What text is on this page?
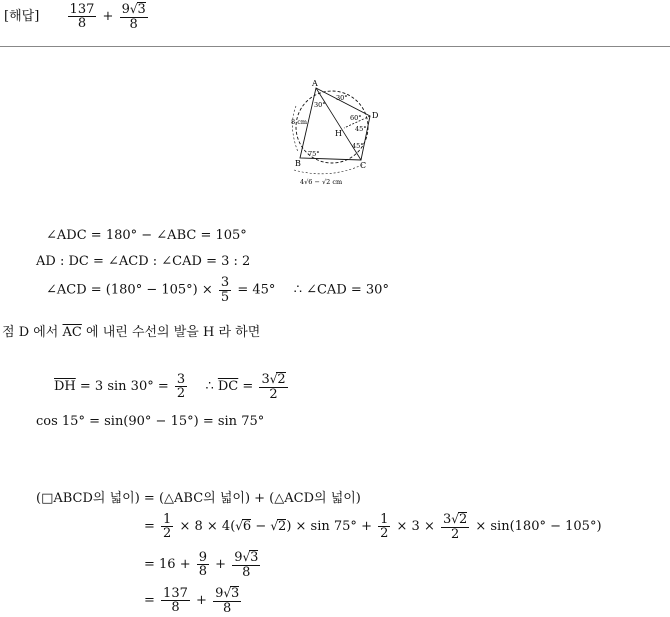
[해답] $\frac{137}{8} + \frac{9√3}{8}$
A
B	C
D
H
8 cm
4√6 − √2 cm
30°
30°
60°
45°
45°
75°
∠ADC = 180° − ∠ABC = 105°
AD : DC = ∠ACD : ∠CAD = 3 : 2
∠ACD = $(180^\circ - 105^\circ) \times \frac{3}{5} = 45^\circ$ ∴ ∠CAD = 30°
점 D 에서 $\overline{AC}$ 에 내린 수선의 발을 H 라 하면
$\overline{DH} = 3$ $\sin 30^\circ = \frac{3}{2}$ ∴ $\overline{DC} = \frac{3√2}{2}$
cos 15° = sin(90° − 15°) = sin 75°
(□ABCD의 넓이) = (△ABC의 넓이) + (△ACD의 넓이)
= $\frac{1}{2} \times 8 \times 4(√6 - √2) \times \sin 75^\circ + \frac{1}{2} \times 3 \times \frac{3√2}{2} \times \sin(180^\circ - 105^\circ)$
= $16 + \frac{9}{8} + \frac{9√3}{8}$
= $\frac{137}{8} + \frac{9√3}{8}$
